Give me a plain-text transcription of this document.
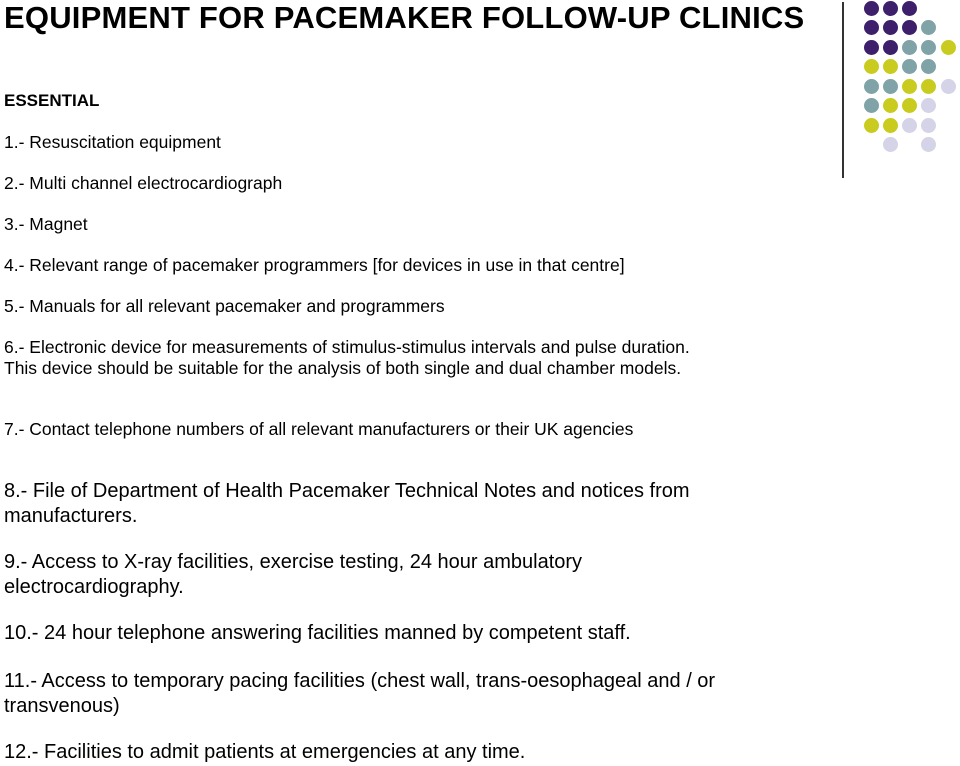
EQUIPMENT FOR PACEMAKER FOLLOW-UP CLINICS
ESSENTIAL

1.- Resuscitation equipment

2.- Multi channel electrocardiograph

3.- Magnet

4.- Relevant range of pacemaker programmers [for devices in use in that centre]

5.- Manuals for all relevant pacemaker and programmers

6.- Electronic device for measurements of stimulus-stimulus intervals and pulse duration. This device should be suitable for the analysis of both single and dual chamber models.

7.- Contact telephone numbers of all relevant manufacturers or their UK agencies

8.- File of Department of Health Pacemaker Technical Notes and notices from manufacturers.

9.- Access to X-ray facilities, exercise testing, 24 hour ambulatory electrocardiography.

10.- 24 hour telephone answering facilities manned by competent staff.

11.- Access to temporary pacing facilities (chest wall, trans-oesophageal and / or transvenous)

12.- Facilities to admit patients at emergencies at any time.
